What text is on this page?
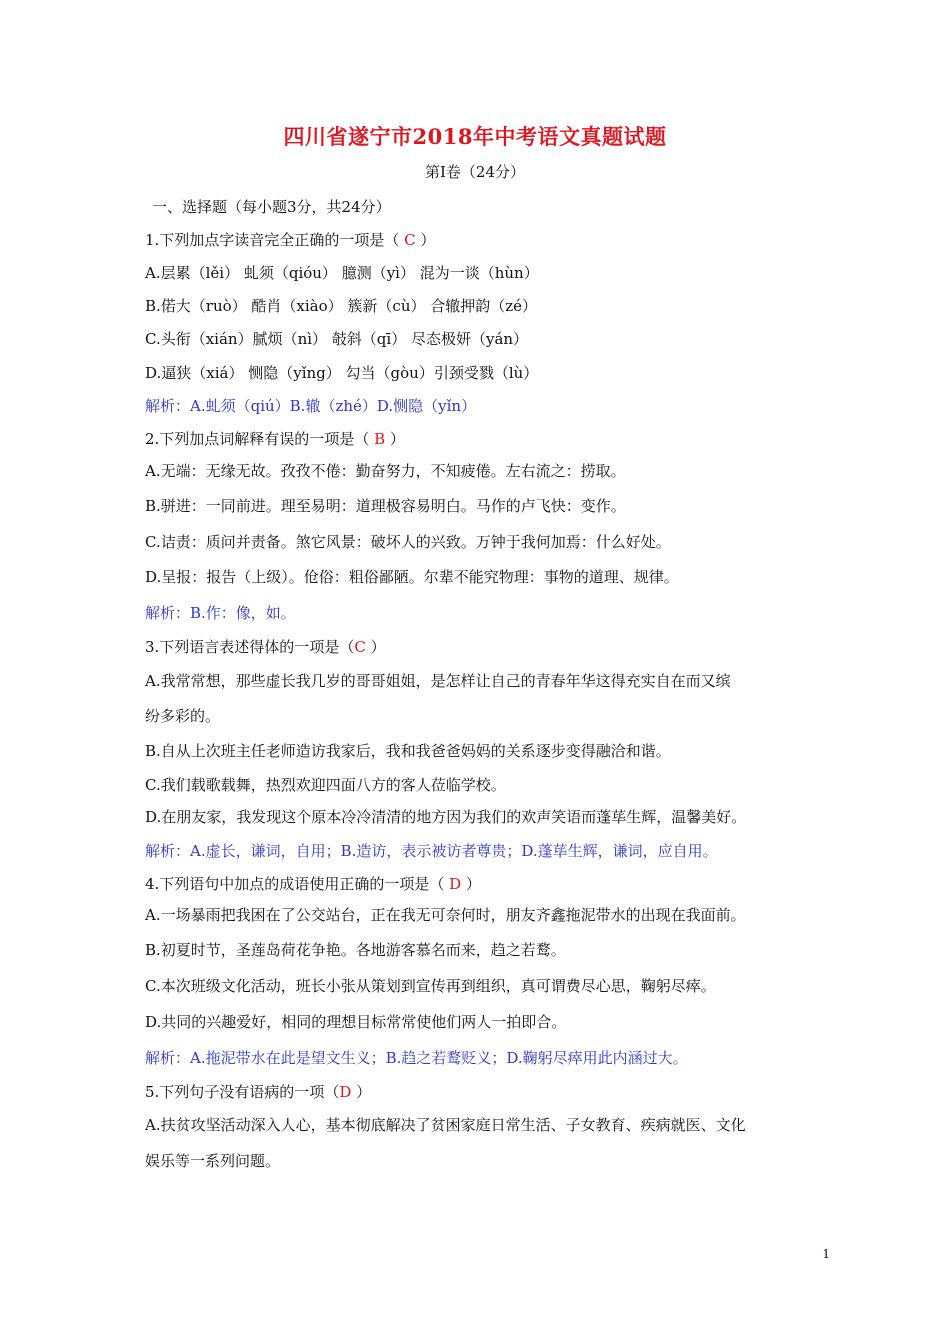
四川省遂宁市2018年中考语文真题试题
第Ⅰ卷（24分）
一、选择题（每小题3分，共24分）
1.下列加点字读音完全正确的一项是（ C ）
A.层累（lěi） 虬须（qióu） 臆测（yì） 混为一谈（hùn）
B.偌大（ruò） 酷肖（xiào） 簇新（cù） 合辙押韵（zé）
C.头衔（xián）腻烦（nì） 攲斜（qī） 尽态极妍（yán）
D.逼狭（xiá） 恻隐（yǐng） 勾当（gòu）引颈受戮（lù）
解析：A.虬须（qiú）B.辙（zhé）D.恻隐（yǐn）
2.下列加点词解释有误的一项是（ B ）
A.无端：无缘无故。孜孜不倦：勤奋努力，不知疲倦。左右流之：捞取。
B.骈进：一同前进。理至易明：道理极容易明白。马作的卢飞快：变作。
C.诘责：质问并责备。煞它风景：破坏人的兴致。万钟于我何加焉：什么好处。
D.呈报：报告（上级）。伧俗：粗俗鄙陋。尔辈不能究物理：事物的道理、规律。
解析：B.作：像，如。
3.下列语言表述得体的一项是（C ）
A.我常常想，那些虚长我几岁的哥哥姐姐，是怎样让自己的青春年华这得充实自在而又缤
纷多彩的。
B.自从上次班主任老师造访我家后，我和我爸爸妈妈的关系逐步变得融洽和谐。
C.我们载歌载舞，热烈欢迎四面八方的客人莅临学校。
D.在朋友家，我发现这个原本冷冷清清的地方因为我们的欢声笑语而蓬荜生辉，温馨美好。
解析：A.虚长，谦词，自用；B.造访，表示被访者尊贵；D.蓬荜生辉，谦词，应自用。
4.下列语句中加点的成语使用正确的一项是（ D ）
A.一场暴雨把我困在了公交站台，正在我无可奈何时，朋友齐鑫拖泥带水的出现在我面前。
B.初夏时节，圣莲岛荷花争艳。各地游客慕名而来，趋之若鹜。
C.本次班级文化活动，班长小张从策划到宣传再到组织，真可谓费尽心思，鞠躬尽瘁。
D.共同的兴趣爱好，相同的理想目标常常使他们两人一拍即合。
解析：A.拖泥带水在此是望文生义；B.趋之若鹜贬义；D.鞠躬尽瘁用此内涵过大。
5.下列句子没有语病的一项（D ）
A.扶贫攻坚活动深入人心，基本彻底解决了贫困家庭日常生活、子女教育、疾病就医、文化
娱乐等一系列问题。
1
